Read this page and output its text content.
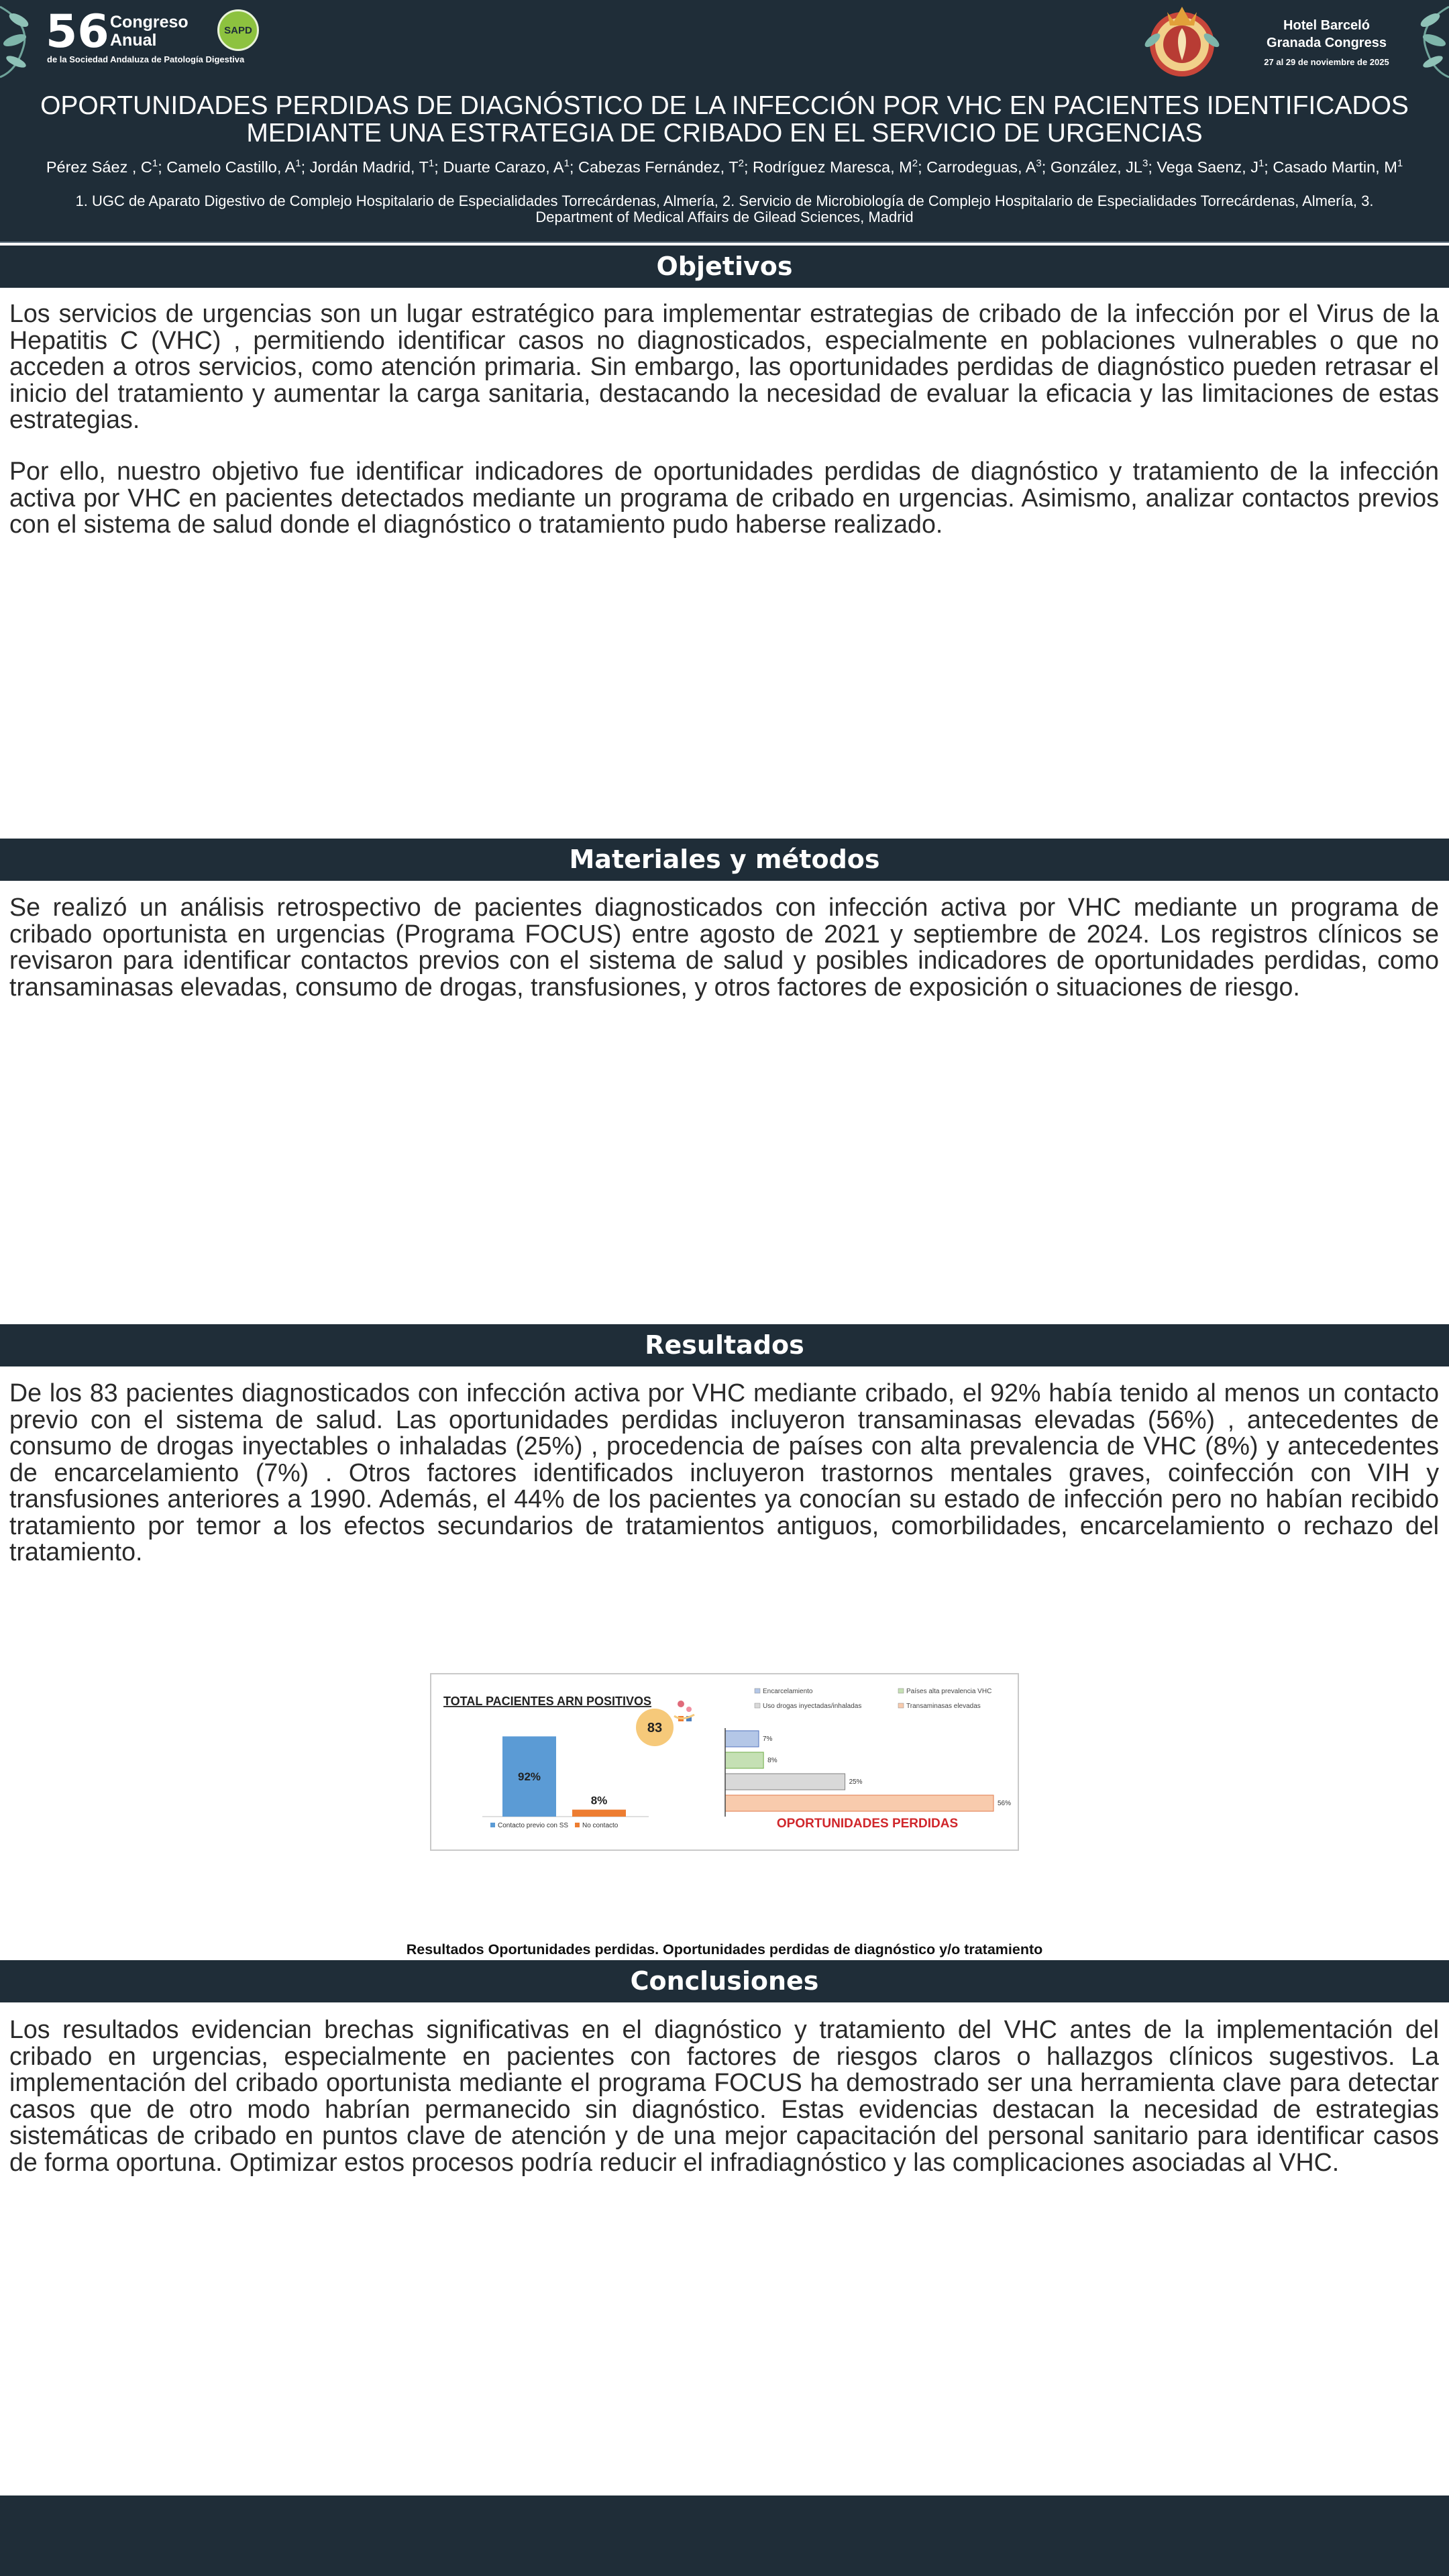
56 Congreso
Anual
de la Sociedad Andaluza de Patología Digestiva
SAPD	Hotel Barceló
Granada Congress
27 al 29 de noviembre de 2025
OPORTUNIDADES PERDIDAS DE DIAGNÓSTICO DE LA INFECCIÓN POR VHC EN PACIENTES IDENTIFICADOS
MEDIANTE UNA ESTRATEGIA DE CRIBADO EN EL SERVICIO DE URGENCIAS
Pérez Sáez , $C^1$; Camelo Castillo, $A^1$; Jordán Madrid, $T^1$; Duarte Carazo, $A^1$; Cabezas Fernández, $T^2$; Rodríguez Maresca, $M^2$; Carrodeguas, $A^3$; González, $JL^3$; Vega Saenz, $J^1$; Casado Martin, $M^1$
1. UGC de Aparato Digestivo de Complejo Hospitalario de Especialidades Torrecárdenas, Almería, 2. Servicio de Microbiología de Complejo Hospitalario de Especialidades Torrecárdenas, Almería, 3. Department of Medical Affairs de Gilead Sciences, Madrid
Objetivos

Los servicios de urgencias son un lugar estratégico para implementar estrategias de cribado de la infección por el Virus de la Hepatitis C (VHC) , permitiendo identificar casos no diagnosticados, especialmente en poblaciones vulnerables o que no acceden a otros servicios, como atención primaria. Sin embargo, las oportunidades perdidas de diagnóstico pueden retrasar el inicio del tratamiento y aumentar la carga sanitaria, destacando la necesidad de evaluar la eficacia y las limitaciones de estas estrategias.

Por ello, nuestro objetivo fue identificar indicadores de oportunidades perdidas de diagnóstico y tratamiento de la infección activa por VHC en pacientes detectados mediante un programa de cribado en urgencias. Asimismo, analizar contactos previos con el sistema de salud donde el diagnóstico o tratamiento pudo haberse realizado.

Materiales y métodos

Se realizó un análisis retrospectivo de pacientes diagnosticados con infección activa por VHC mediante un programa de cribado oportunista en urgencias (Programa FOCUS) entre agosto de 2021 y septiembre de 2024. Los registros clínicos se revisaron para identificar contactos previos con el sistema de salud y posibles indicadores de oportunidades perdidas, como transaminasas elevadas, consumo de drogas, transfusiones, y otros factores de exposición o situaciones de riesgo.

Resultados

De los 83 pacientes diagnosticados con infección activa por VHC mediante cribado, el 92% había tenido al menos un contacto previo con el sistema de salud. Las oportunidades perdidas incluyeron transaminasas elevadas (56%) , antecedentes de consumo de drogas inyectables o inhaladas (25%) , procedencia de países con alta prevalencia de VHC (8%) y antecedentes de encarcelamiento (7%) . Otros factores identificados incluyeron trastornos mentales graves, coinfección con VIH y transfusiones anteriores a 1990. Además, el 44% de los pacientes ya conocían su estado de infección pero no habían recibido tratamiento por temor a los efectos secundarios de tratamientos antiguos, comorbilidades, encarcelamiento o rechazo del tratamiento.

TOTAL PACIENTES ARN POSITIVOS
83
92%
8%
Contacto previo con SS No contacto
Encarcelamiento	Países alta prevalencia VHC
Uso drogas inyectadas/inhaladas	Transaminasas elevadas
7%
8%
25%
56%
OPORTUNIDADES PERDIDAS
Resultados Oportunidades perdidas. Oportunidades perdidas de diagnóstico y/o tratamiento
Conclusiones

Los resultados evidencian brechas significativas en el diagnóstico y tratamiento del VHC antes de la implementación del cribado en urgencias, especialmente en pacientes con factores de riesgos claros o hallazgos clínicos sugestivos. La implementación del cribado oportunista mediante el programa FOCUS ha demostrado ser una herramienta clave para detectar casos que de otro modo habrían permanecido sin diagnóstico. Estas evidencias destacan la necesidad de estrategias sistemáticas de cribado en puntos clave de atención y de una mejor capacitación del personal sanitario para identificar casos de forma oportuna. Optimizar estos procesos podría reducir el infradiagnóstico y las complicaciones asociadas al VHC.
